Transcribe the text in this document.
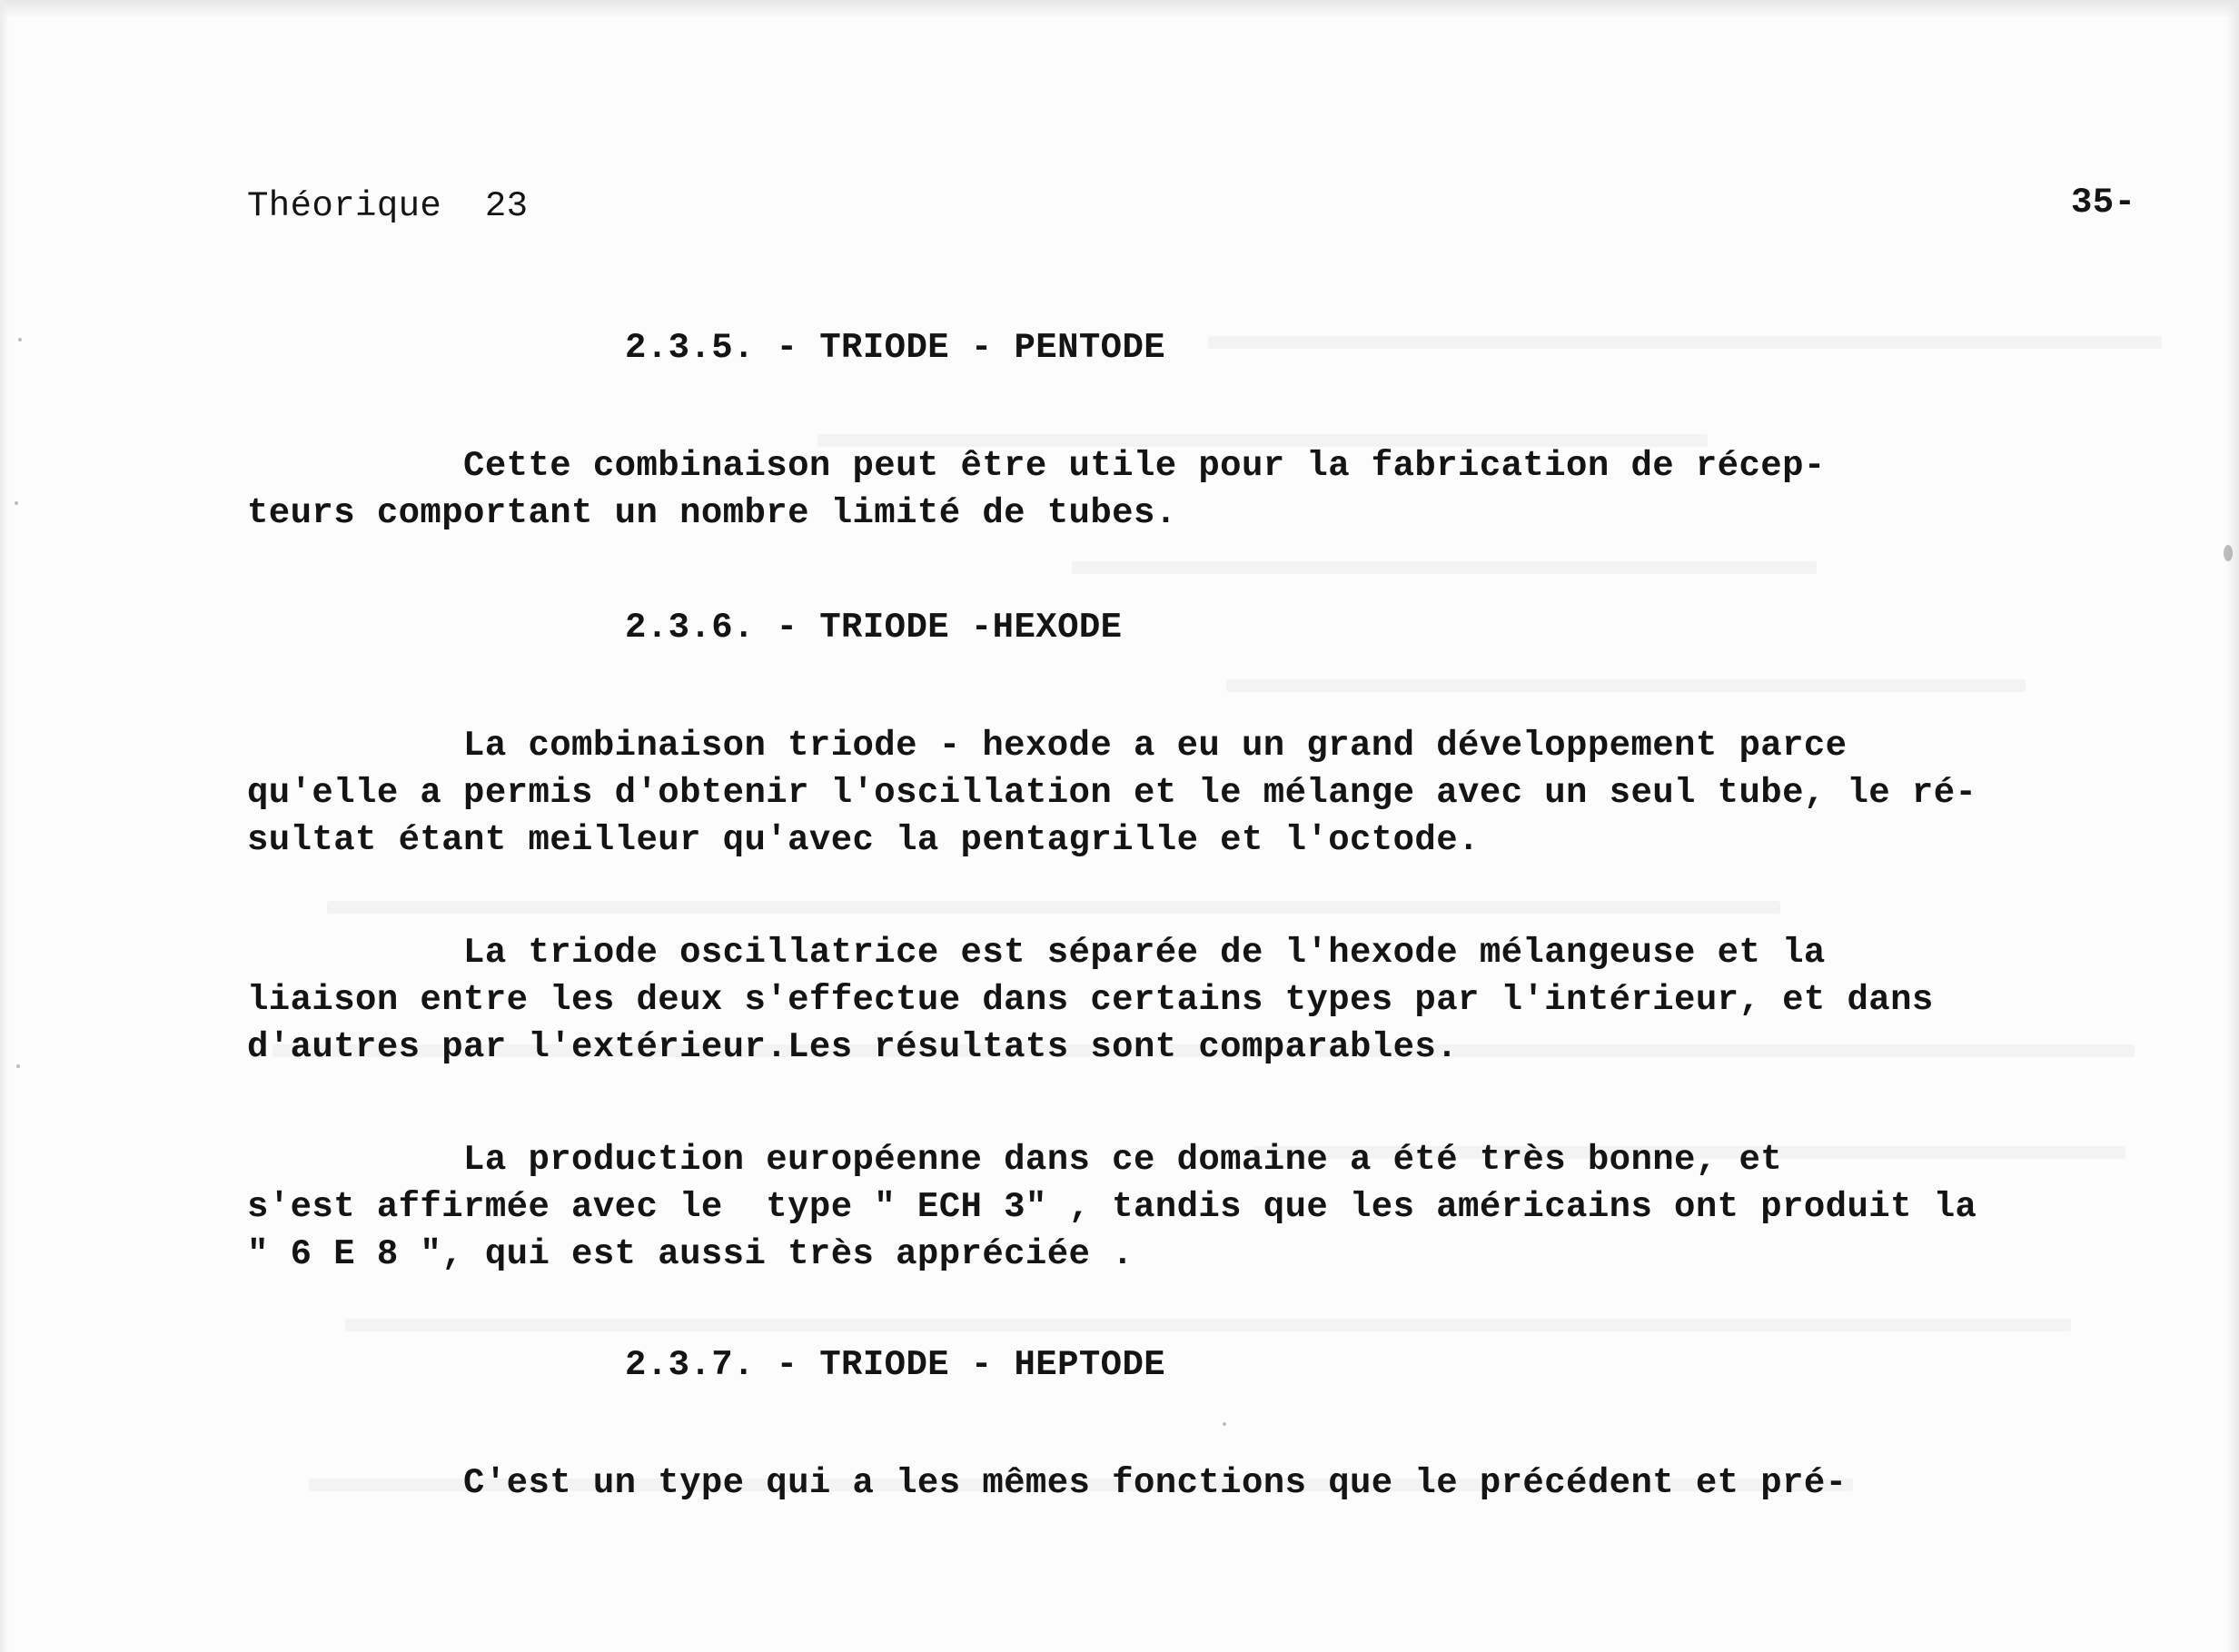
Théorique  23	35-
2.3.5. - TRIODE - PENTODE
Cette combinaison peut être utile pour la fabrication de récep-
teurs comportant un nombre limité de tubes.
2.3.6. - TRIODE -HEXODE
La combinaison triode - hexode a eu un grand développement parce
qu'elle a permis d'obtenir l'oscillation et le mélange avec un seul tube, le ré-
sultat étant meilleur qu'avec la pentagrille et l'octode.
La triode oscillatrice est séparée de l'hexode mélangeuse et la
liaison entre les deux s'effectue dans certains types par l'intérieur, et dans
d'autres par l'extérieur.Les résultats sont comparables.
La production européenne dans ce domaine a été très bonne, et
s'est affirmée avec le  type " ECH 3" , tandis que les américains ont produit la
" 6 E 8 ", qui est aussi très appréciée .
2.3.7. - TRIODE - HEPTODE
C'est un type qui a les mêmes fonctions que le précédent et pré-
